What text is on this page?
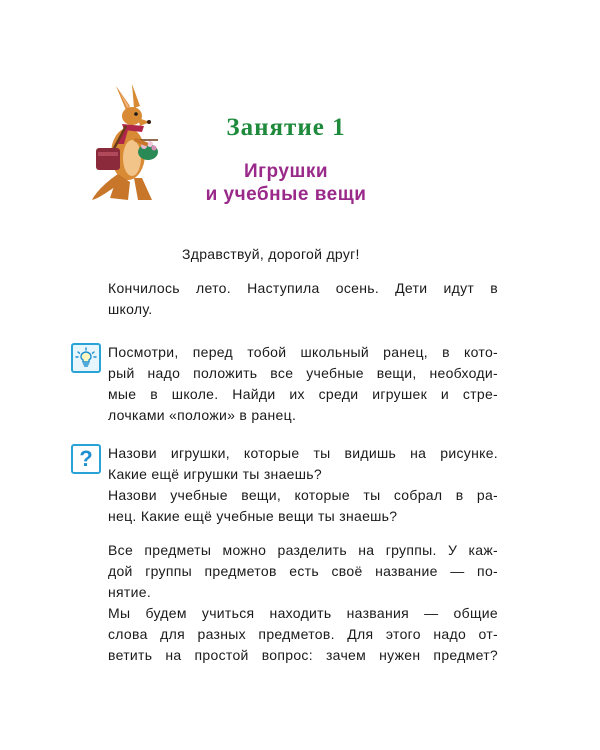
Занятие 1
Игрушки
и учебные вещи
Здравствуй, дорогой друг!

Кончилось лето. Наступила осень. Дети идут в

школу.

Посмотри, перед тобой школьный ранец, в кото-

рый надо положить все учебные вещи, необходи-

мые в школе. Найди их среди игрушек и стре-

лочками «положи» в ранец.

? Назови игрушки, которые ты видишь на рисунке.

Какие ещё игрушки ты знаешь?

Назови учебные вещи, которые ты собрал в ра-

нец. Какие ещё учебные вещи ты знаешь?

Все предметы можно разделить на группы. У каж-

дой группы предметов есть своё название — по-

нятие.

Мы будем учиться находить названия — общие

слова для разных предметов. Для этого надо от-

ветить на простой вопрос: зачем нужен предмет?
